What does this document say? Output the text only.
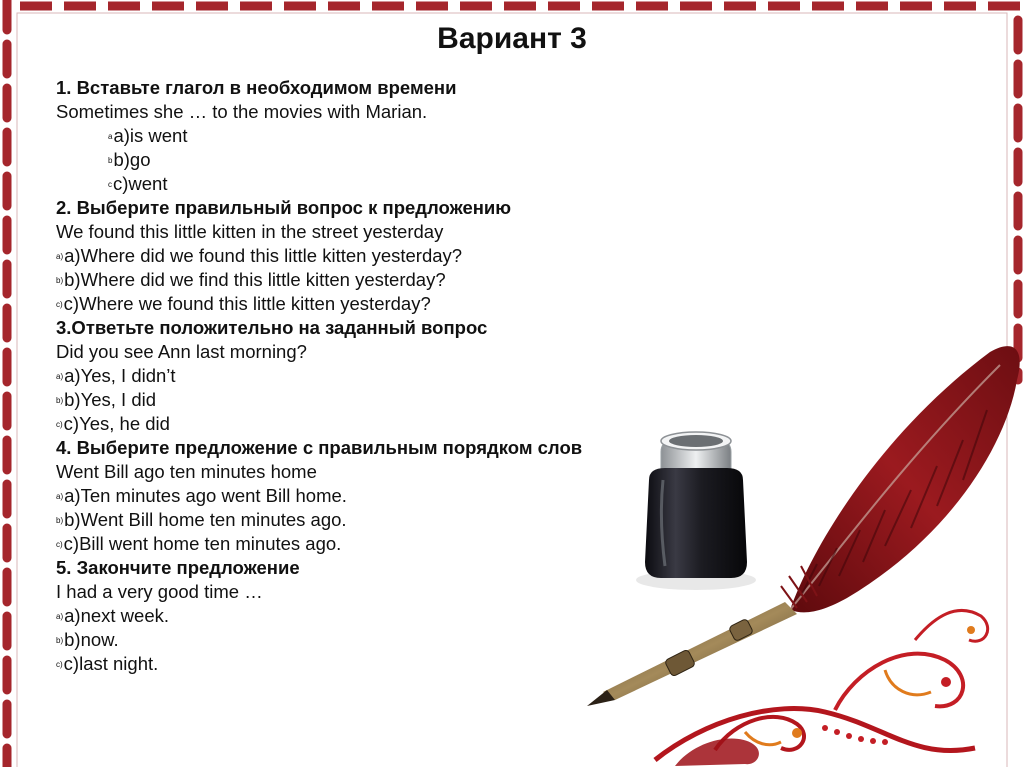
Вариант 3
1. Вставьте глагол в необходимом времени
Sometimes she … to the movies with Marian.
aa)is went
bb)go
cc)went
2. Выберите правильный вопрос к предложению
We found this little kitten in the street yesterday
a)a)Where did we found this little kitten yesterday?
b)b)Where did we find this little kitten yesterday?
c)c)Where we found this little kitten yesterday?
3.Ответьте положительно на заданный вопрос
Did you see Ann last morning?
a)a)Yes, I didn’t
b)b)Yes, I did
c)c)Yes, he did
4. Выберите предложение с правильным порядком слов
Went Bill ago ten minutes home
a)a)Ten minutes ago went Bill home.
b)b)Went Bill home ten minutes ago.
c)c)Bill went home ten minutes ago.
5. Закончите предложение
I had a very good time …
a)a)next week.
b)b)now.
c)c)last night.
